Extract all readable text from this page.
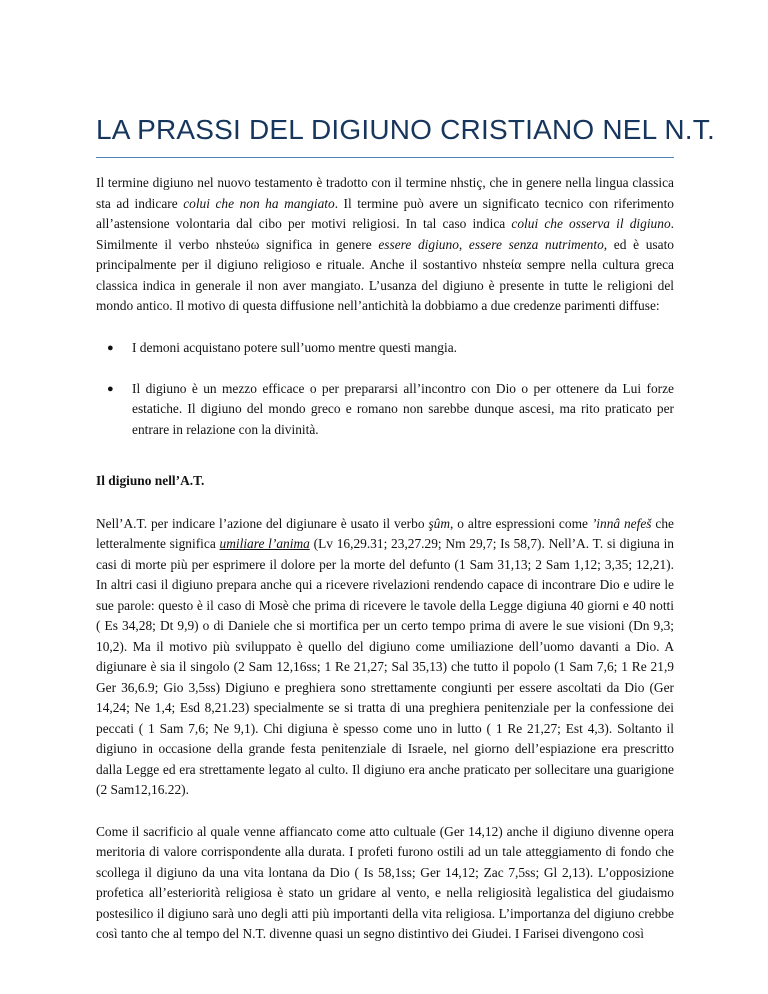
LA PRASSI DEL DIGIUNO CRISTIANO NEL N.T.

Il termine digiuno nel nuovo testamento è tradotto con il termine nhstiç, che in genere nella lingua classica sta ad indicare colui che non ha mangiato. Il termine può avere un significato tecnico con riferimento all’astensione volontaria dal cibo per motivi religiosi. In tal caso indica colui che osserva il digiuno. Similmente il verbo nhsteύω significa in genere essere digiuno, essere senza nutrimento, ed è usato principalmente per il digiuno religioso e rituale. Anche il sostantivo nhsteία sempre nella cultura greca classica indica in generale il non aver mangiato. L’usanza del digiuno è presente in tutte le religioni del mondo antico. Il motivo di questa diffusione nell’antichità la dobbiamo a due credenze parimenti diffuse:

● I demoni acquistano potere sull’uomo mentre questi mangia.
● Il digiuno è un mezzo efficace o per prepararsi all’incontro con Dio o per ottenere da Lui forze estatiche. Il digiuno del mondo greco e romano non sarebbe dunque ascesi, ma rito praticato per entrare in relazione con la divinità.

Il digiuno nell’A.T.

Nell’A.T. per indicare l’azione del digiunare è usato il verbo şûm, o altre espressioni come ’innâ nefeš che letteralmente significa umiliare l’anima (Lv 16,29.31; 23,27.29; Nm 29,7; Is 58,7). Nell’A. T. si digiuna in casi di morte più per esprimere il dolore per la morte del defunto (1 Sam 31,13; 2 Sam 1,12; 3,35; 12,21). In altri casi il digiuno prepara anche qui a ricevere rivelazioni rendendo capace di incontrare Dio e udire le sue parole: questo è il caso di Mosè che prima di ricevere le tavole della Legge digiuna 40 giorni e 40 notti ( Es 34,28; Dt 9,9) o di Daniele che si mortifica per un certo tempo prima di avere le sue visioni (Dn 9,3; 10,2). Ma il motivo più sviluppato è quello del digiuno come umiliazione dell’uomo davanti a Dio. A digiunare è sia il singolo (2 Sam 12,16ss; 1 Re 21,27; Sal 35,13) che tutto il popolo (1 Sam 7,6; 1 Re 21,9 Ger 36,6.9; Gio 3,5ss) Digiuno e preghiera sono strettamente congiunti per essere ascoltati da Dio (Ger 14,24; Ne 1,4; Esd 8,21.23) specialmente se si tratta di una preghiera penitenziale per la confessione dei peccati ( 1 Sam 7,6; Ne 9,1). Chi digiuna è spesso come uno in lutto ( 1 Re 21,27; Est 4,3). Soltanto il digiuno in occasione della grande festa penitenziale di Israele, nel giorno dell’espiazione era prescritto dalla Legge ed era strettamente legato al culto. Il digiuno era anche praticato per sollecitare una guarigione (2 Sam12,16.22).

Come il sacrificio al quale venne affiancato come atto cultuale (Ger 14,12) anche il digiuno divenne opera meritoria di valore corrispondente alla durata. I profeti furono ostili ad un tale atteggiamento di fondo che scollega il digiuno da una vita lontana da Dio ( Is 58,1ss; Ger 14,12; Zac 7,5ss; Gl 2,13). L’opposizione profetica all’esteriorità religiosa è stato un gridare al vento, e nella religiosità legalistica del giudaismo postesilico il digiuno sarà uno degli atti più importanti della vita religiosa. L’importanza del digiuno crebbe così tanto che al tempo del N.T. divenne quasi un segno distintivo dei Giudei. I Farisei divengono così
